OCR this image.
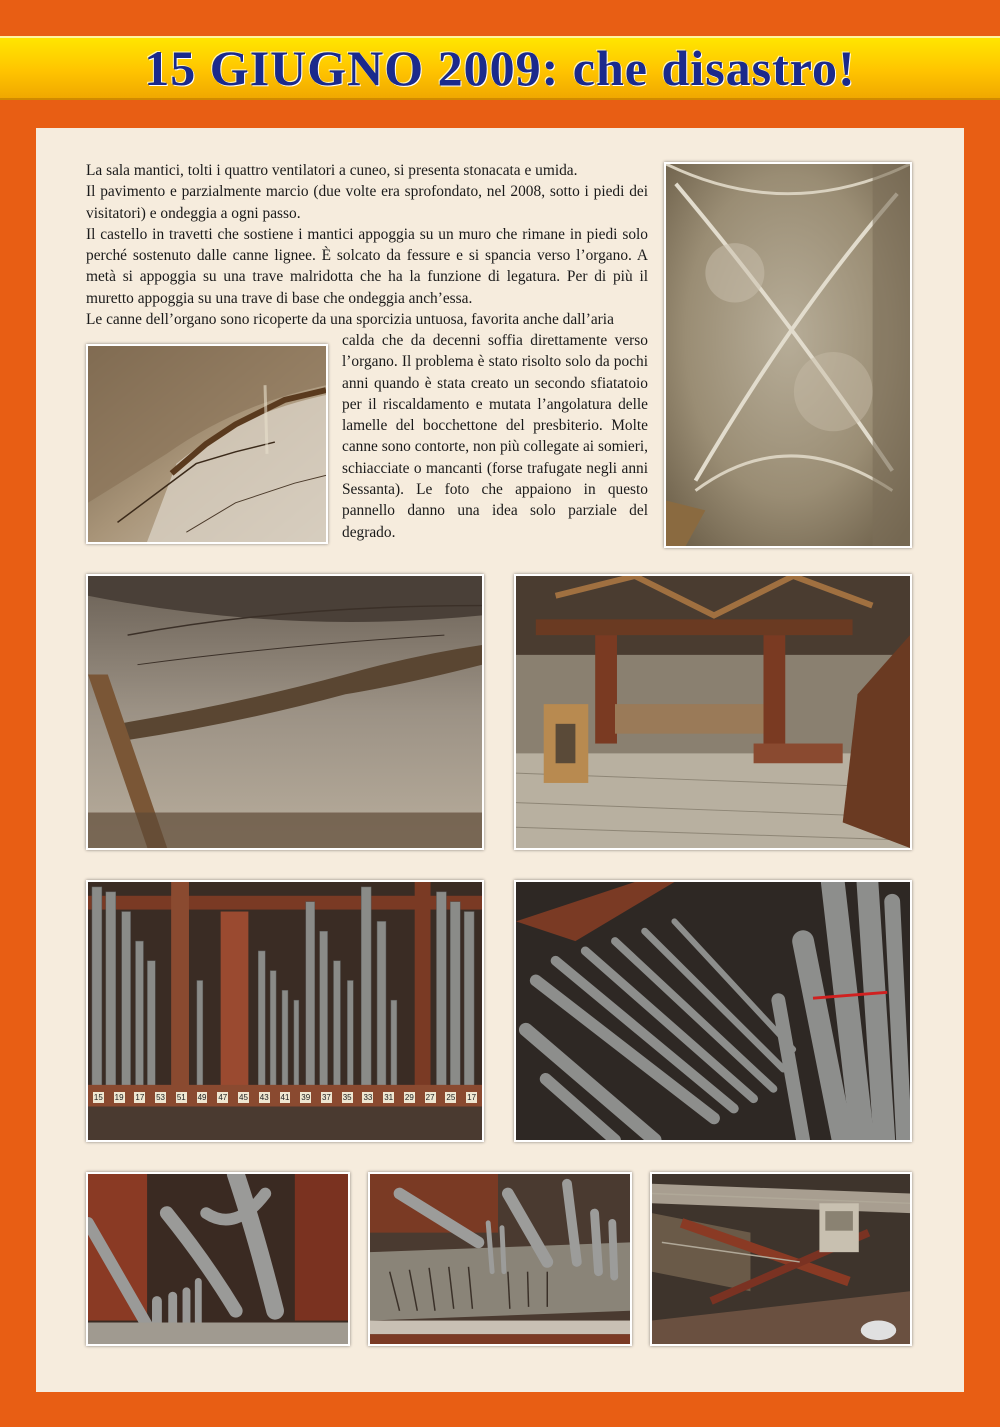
15 GIUGNO 2009: che disastro!

La sala mantici, tolti i quattro ventilatori a cuneo, si presenta stonacata e umida.

Il pavimento e parzialmente marcio (due volte era sprofondato, nel 2008, sotto i piedi dei visitatori) e ondeggia a ogni passo.

Il castello in travetti che sostiene i mantici appoggia su un muro che rimane in piedi solo perché sostenuto dalle canne lignee. È solcato da fessure e si spancia verso l’organo. A metà si appoggia su una trave malridotta che ha la funzione di legatura. Per di più il muretto appoggia su una trave di base che ondeggia anch’essa.

Le canne dell’organo sono ricoperte da una sporcizia untuosa, favorita anche dall’aria

calda che da decenni soffia direttamente verso l’organo. Il problema è stato risolto solo da pochi anni quando è stata creato un secondo sfiatatoio per il riscaldamento e mutata l’angolatura delle lamelle del bocchettone del presbiterio. Molte canne sono contorte, non più collegate ai somieri, schiacciate o mancanti (forse trafugate negli anni Sessanta). Le foto che appaiono in questo pannello danno una idea solo parziale del degrado.

15 19 17 53 51 49 47 45 43 41 39 37 35 33 31 29 27 25 17
